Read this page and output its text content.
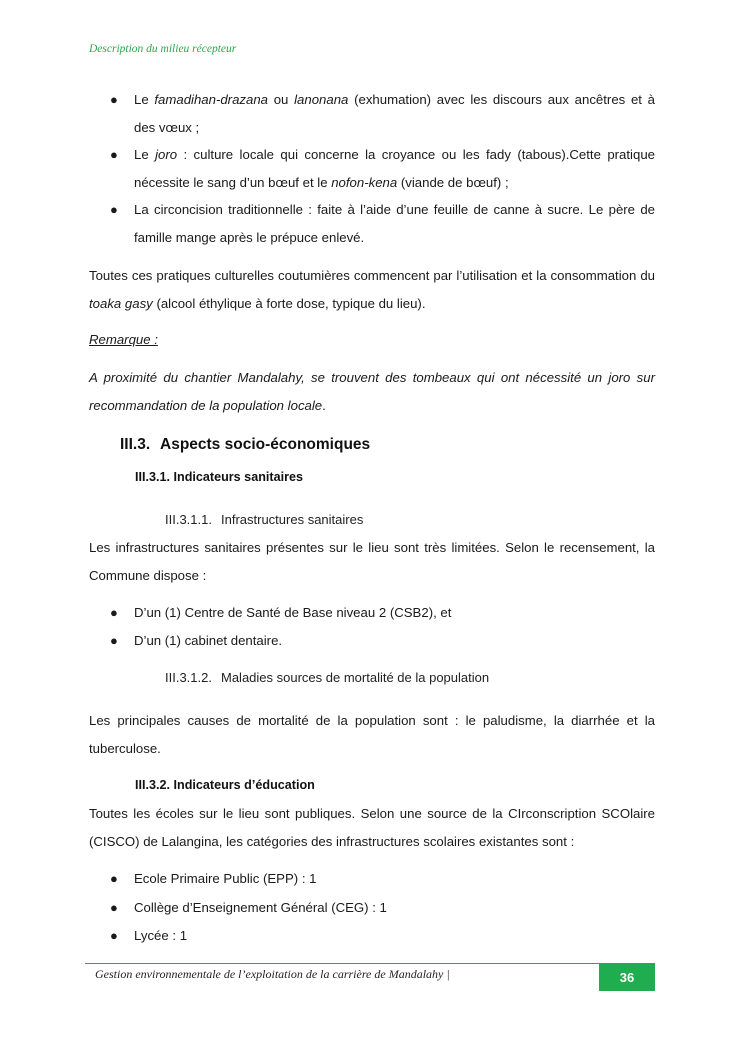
Description du milieu récepteur
● Le famadihan-drazana ou lanonana (exhumation) avec les discours aux ancêtres et à des vœux ;
● Le joro : culture locale qui concerne la croyance ou les fady (tabous).Cette pratique nécessite le sang d’un bœuf et le nofon-kena (viande de bœuf) ;
● La circoncision traditionnelle : faite à l’aide d’une feuille de canne à sucre. Le père de famille mange après le prépuce enlevé.
Toutes ces pratiques culturelles coutumières commencent par l’utilisation et la consommation du toaka gasy (alcool éthylique à forte dose, typique du lieu).
Remarque :
A proximité du chantier Mandalahy, se trouvent des tombeaux qui ont nécessité un joro sur recommandation de la population locale.
III.3. Aspects socio-économiques
III.3.1. Indicateurs sanitaires
III.3.1.1. Infrastructures sanitaires
Les infrastructures sanitaires présentes sur le lieu sont très limitées. Selon le recensement, la Commune dispose :
● D’un (1) Centre de Santé de Base niveau 2 (CSB2), et
● D’un (1) cabinet dentaire.
III.3.1.2. Maladies sources de mortalité de la population
Les principales causes de mortalité de la population sont : le paludisme, la diarrhée et la tuberculose.
III.3.2. Indicateurs d’éducation
Toutes les écoles sur le lieu sont publiques. Selon une source de la CIrconscription SCOlaire (CISCO) de Lalangina, les catégories des infrastructures scolaires existantes sont :
● Ecole Primaire Public (EPP) : 1
● Collège d’Enseignement Général (CEG) : 1
● Lycée : 1
Gestion environnementale de l’exploitation de la carrière de Mandalahy |	36
